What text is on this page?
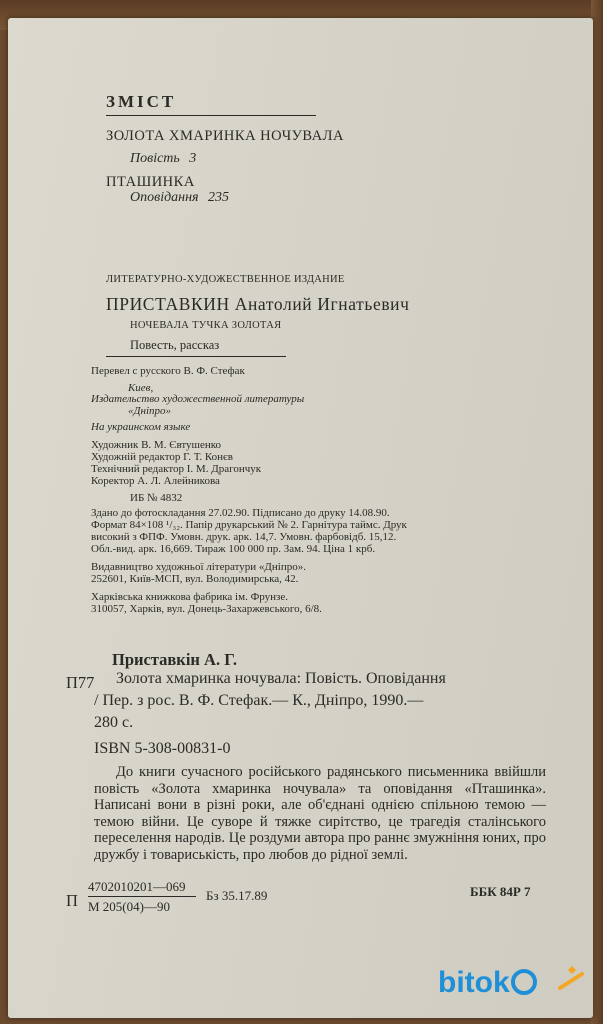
ЗМІСТ
ЗОЛОТА ХМАРИНКА НОЧУВАЛА
Повість 3
ПТАШИНКА
Оповідання 235
ЛИТЕРАТУРНО-ХУДОЖЕСТВЕННОЕ ИЗДАНИЕ
ПРИСТАВКИН Анатолий Игнатьевич
НОЧЕВАЛА ТУЧКА ЗОЛОТАЯ
Повесть, рассказ
Перевел с русского В. Ф. Стефак
Киев,
Издательство художественной литературы
«Днiпро»
На украинском языке
Художник В. М. Євтушенко
Художній редактор Г. Т. Конєв
Технічний редактор І. М. Драгончук
Коректор А. Л. Алейникова
ИБ № 4832
Здано до фотоскладання 27.02.90. Підписано до друку 14.08.90.
Формат 84×108 ¹/₃₂. Папір друкарський № 2. Гарнітура таймс. Друк
високий з ФПФ. Умовн. друк. арк. 14,7. Умовн. фарбовідб. 15,12.
Обл.-вид. арк. 16,669. Тираж 100 000 пр. Зам. 94. Ціна 1 крб.
Видавництво художньої літератури «Дніпро».
252601, Київ-МСП, вул. Володимирська, 42.
Харківська книжкова фабрика ім. Фрунзе.
310057, Харків, вул. Донець-Захаржевського, 6/8.
Приставкін А. Г.
П77 Золота хмаринка ночувала: Повість. Оповідання
/ Пер. з рос. В. Ф. Стефак.— К., Дніпро, 1990.—
280 с.
ISBN 5-308-00831-0
До книги сучасного російського радянського письменника ввійшли повість «Золота хмаринка ночувала» та оповідання «Пташинка». Написані вони в різні роки, але об'єднані однією спільною темою — темою війни. Це суворе й тяжке сирітство, це трагедія сталінського переселення народів. Це роздуми автора про раннє змужніння юних, про дружбу і товариськість, про любов до рідної землі.
П
4702010201—069
М 205(04)—90
Бз 35.17.89	ББК 84Р 7
bitok
